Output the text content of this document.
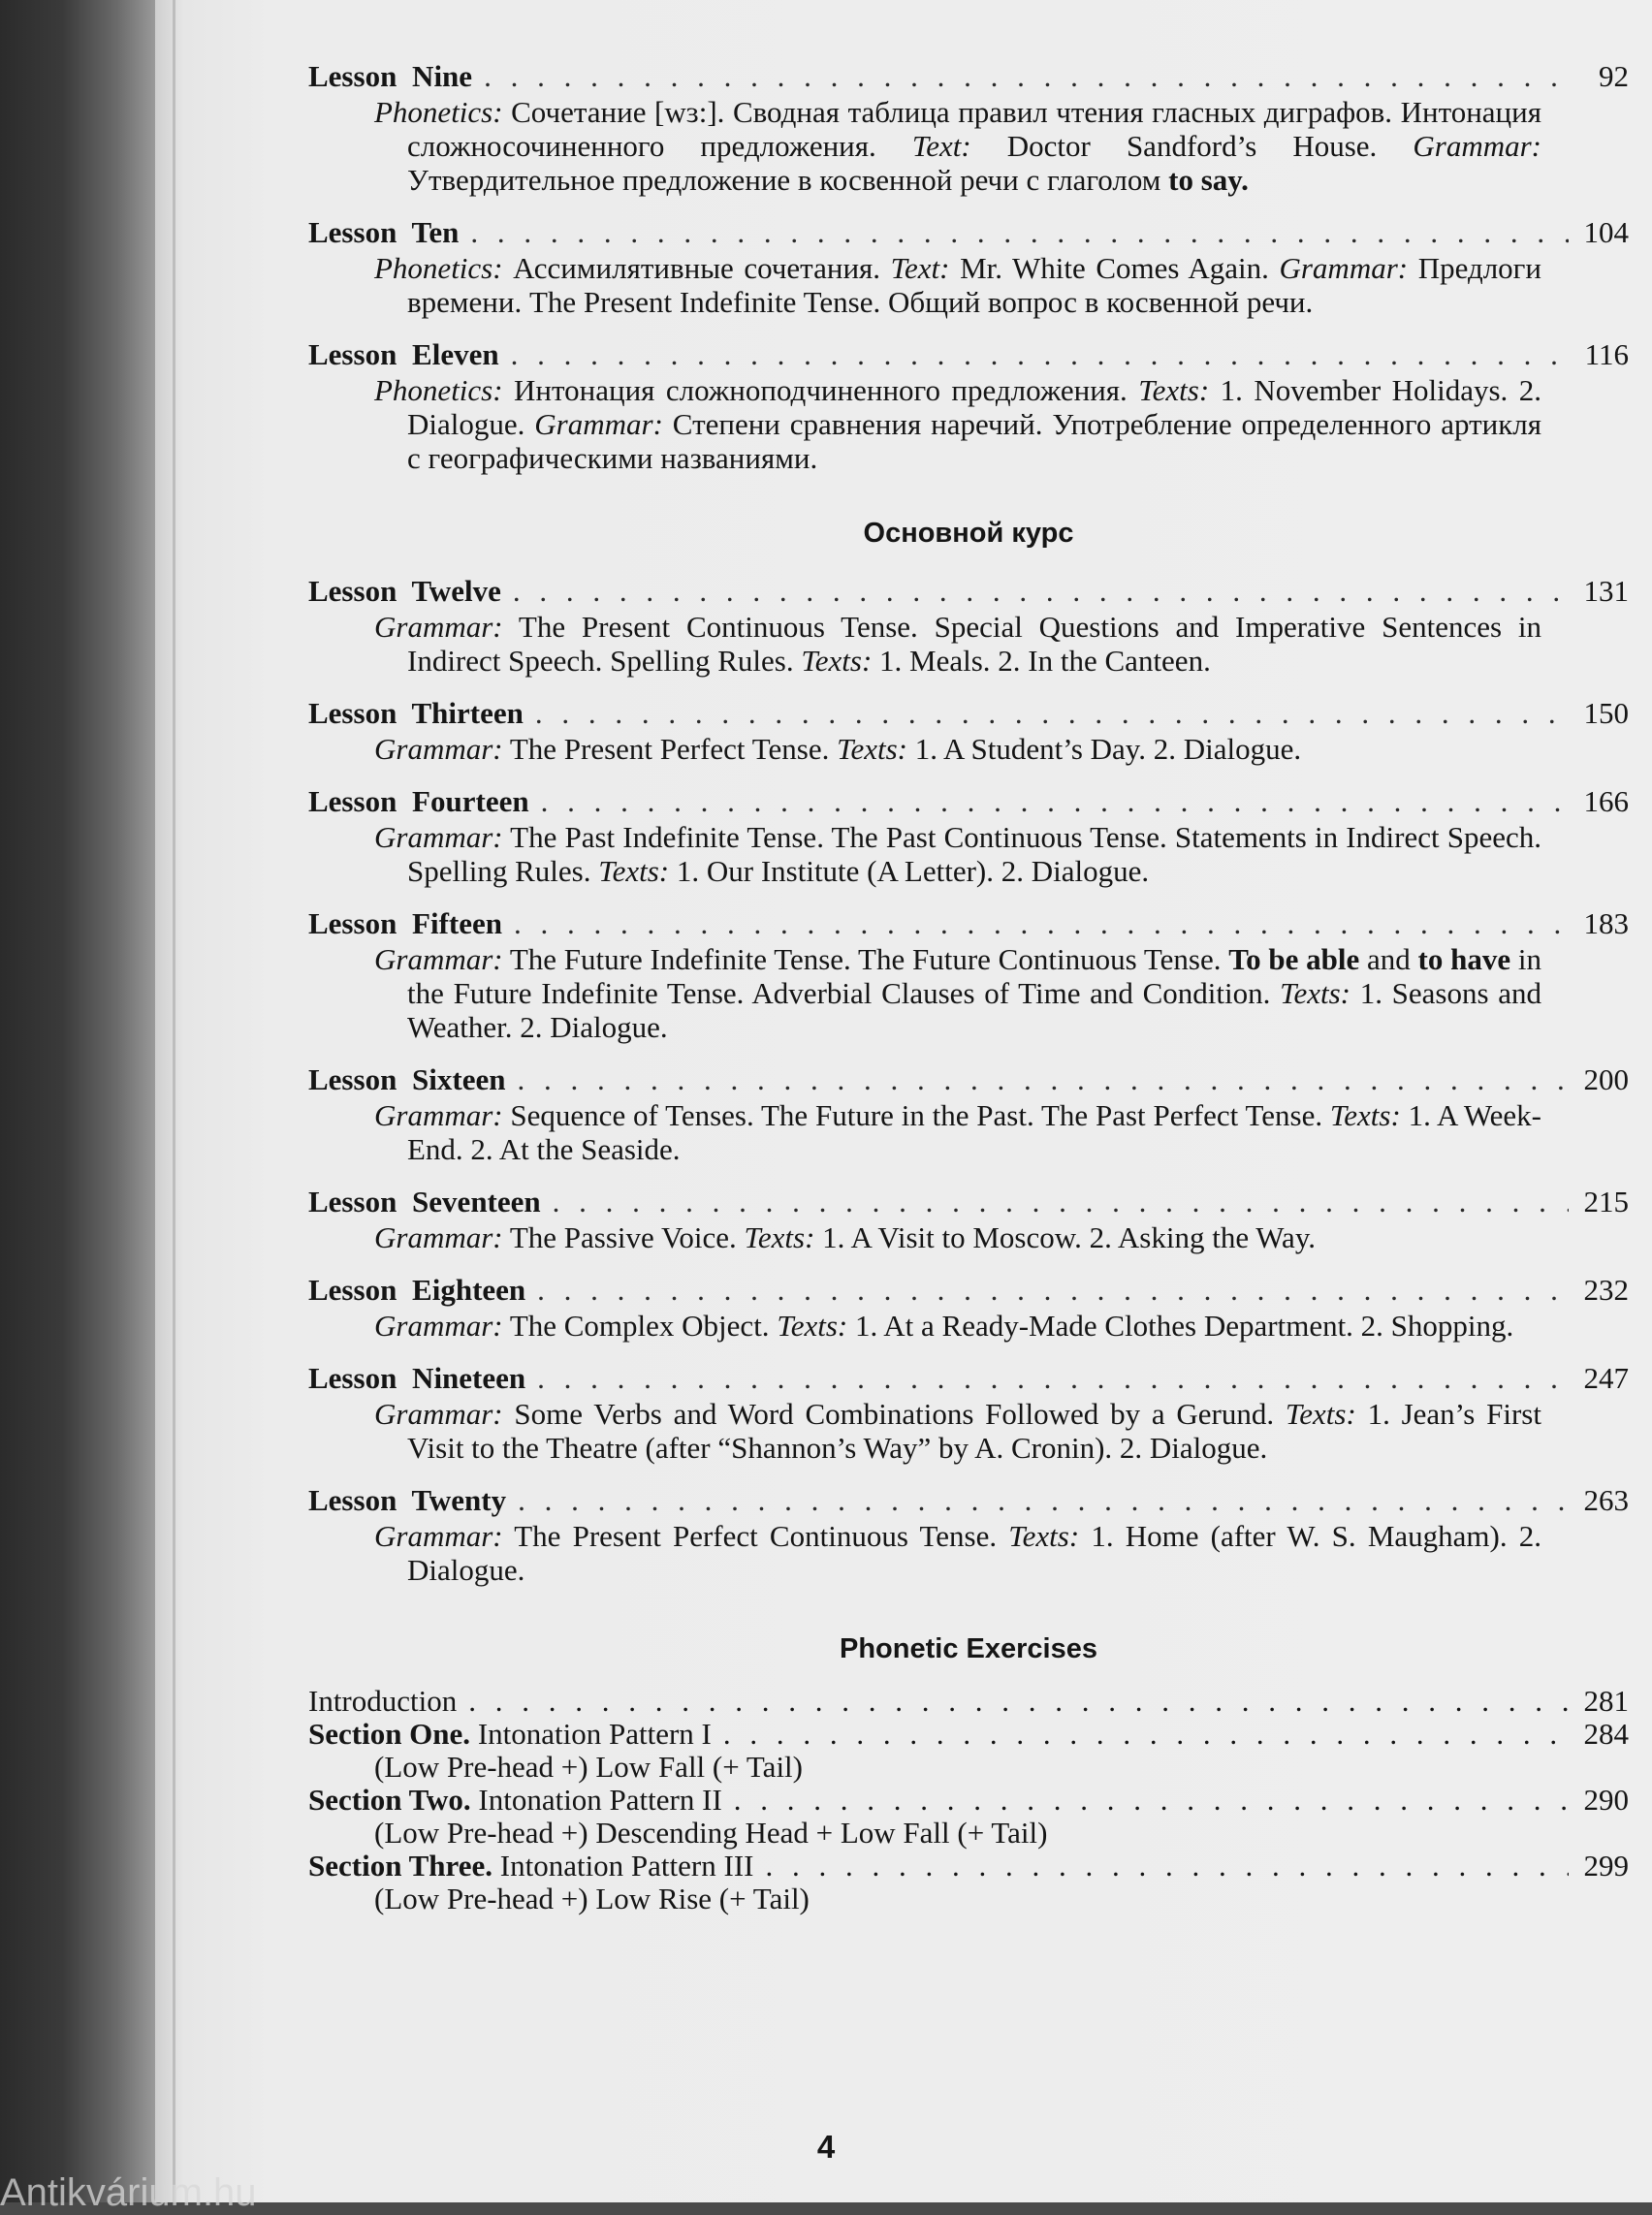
Lesson Nine . . .	92
Phonetics: Сочетание [wɜ:]. Сводная таблица правил чтения гласных диграфов. Интонация сложносочиненного предложения. Text: Doctor Sandford’s House. Grammar: Утвердительное предложение в косвенной речи с глаголом to say.
Lesson Ten . . .	104
Phonetics: Ассимилятивные сочетания. Text: Mr. White Comes Again. Grammar: Предлоги времени. The Present Indefinite Tense. Общий вопрос в косвенной речи.
Lesson Eleven . . .	116
Phonetics: Интонация сложноподчиненного предложения. Texts: 1. November Holidays. 2. Dialogue. Grammar: Степени сравнения наречий. Употребление определенного артикля с географическими названиями.
Основной курс
Lesson Twelve . . .	131
Grammar: The Present Continuous Tense. Special Questions and Imperative Sentences in Indirect Speech. Spelling Rules. Texts: 1. Meals. 2. In the Canteen.
Lesson Thirteen . . .	150
Grammar: The Present Perfect Tense. Texts: 1. A Student’s Day. 2. Dialogue.
Lesson Fourteen . . .	166
Grammar: The Past Indefinite Tense. The Past Continuous Tense. Statements in Indirect Speech. Spelling Rules. Texts: 1. Our Institute (A Letter). 2. Dialogue.
Lesson Fifteen . . .	183
Grammar: The Future Indefinite Tense. The Future Continuous Tense. To be able and to have in the Future Indefinite Tense. Adverbial Clauses of Time and Condition. Texts: 1. Seasons and Weather. 2. Dialogue.
Lesson Sixteen . . .	200
Grammar: Sequence of Tenses. The Future in the Past. The Past Perfect Tense. Texts: 1. A Week-End. 2. At the Seaside.
Lesson Seventeen . . .	215
Grammar: The Passive Voice. Texts: 1. A Visit to Moscow. 2. Asking the Way.
Lesson Eighteen . . .	232
Grammar: The Complex Object. Texts: 1. At a Ready-Made Clothes Department. 2. Shopping.
Lesson Nineteen . . .	247
Grammar: Some Verbs and Word Combinations Followed by a Gerund. Texts: 1. Jean’s First Visit to the Theatre (after “Shannon’s Way” by A. Cronin). 2. Dialogue.
Lesson Twenty . . .	263
Grammar: The Present Perfect Continuous Tense. Texts: 1. Home (after W. S. Maugham). 2. Dialogue.
Phonetic Exercises
Introduction . . .	281
Section One. Intonation Pattern I . . .	284
(Low Pre-head +) Low Fall (+ Tail)
Section Two. Intonation Pattern II . . .	290
(Low Pre-head +) Descending Head + Low Fall (+ Tail)
Section Three. Intonation Pattern III . . .	299
(Low Pre-head +) Low Rise (+ Tail)
4
Antikvárium.hu
